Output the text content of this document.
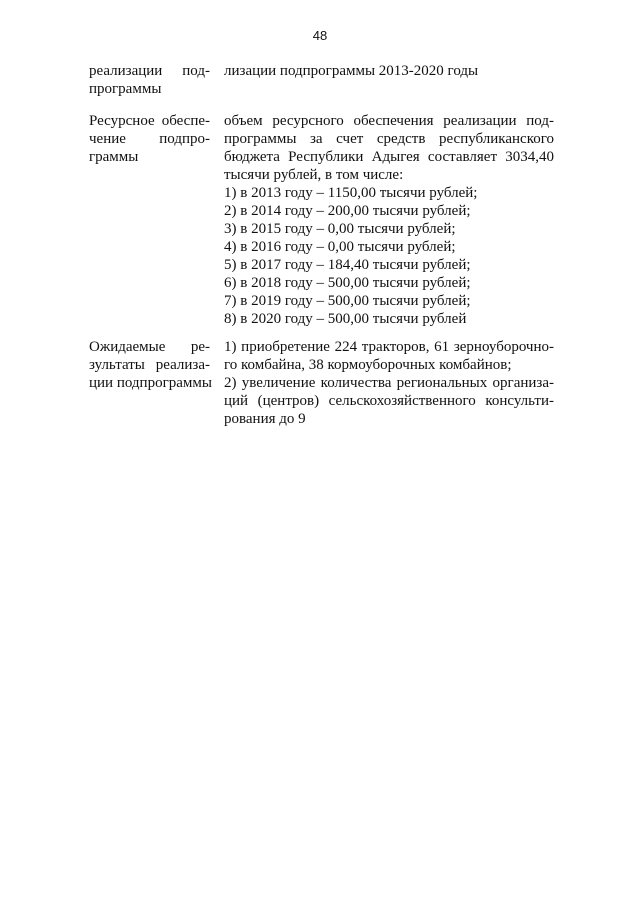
48
реализации под-
программы
лизации подпрограммы 2013-2020 годы
Ресурсное обеспе-
чение подпро-
граммы
объем ресурсного обеспечения реализации под-
программы за счет средств республиканского
бюджета Республики Адыгея составляет 3034,40
тысячи рублей, в том числе:
1) в 2013 году – 1150,00 тысячи рублей;
2) в 2014 году – 200,00 тысячи рублей;
3) в 2015 году – 0,00 тысячи рублей;
4) в 2016 году – 0,00 тысячи рублей;
5) в 2017 году – 184,40 тысячи рублей;
6) в 2018 году – 500,00 тысячи рублей;
7) в 2019 году – 500,00 тысячи рублей;
8) в 2020 году – 500,00 тысячи рублей
Ожидаемые ре-
зультаты реализа-
ции подпрограммы
1) приобретение 224 тракторов, 61 зерноуборочно-
го комбайна, 38 кормоуборочных комбайнов;
2) увеличение количества региональных организа-
ций (центров) сельскохозяйственного консульти-
рования до 9
